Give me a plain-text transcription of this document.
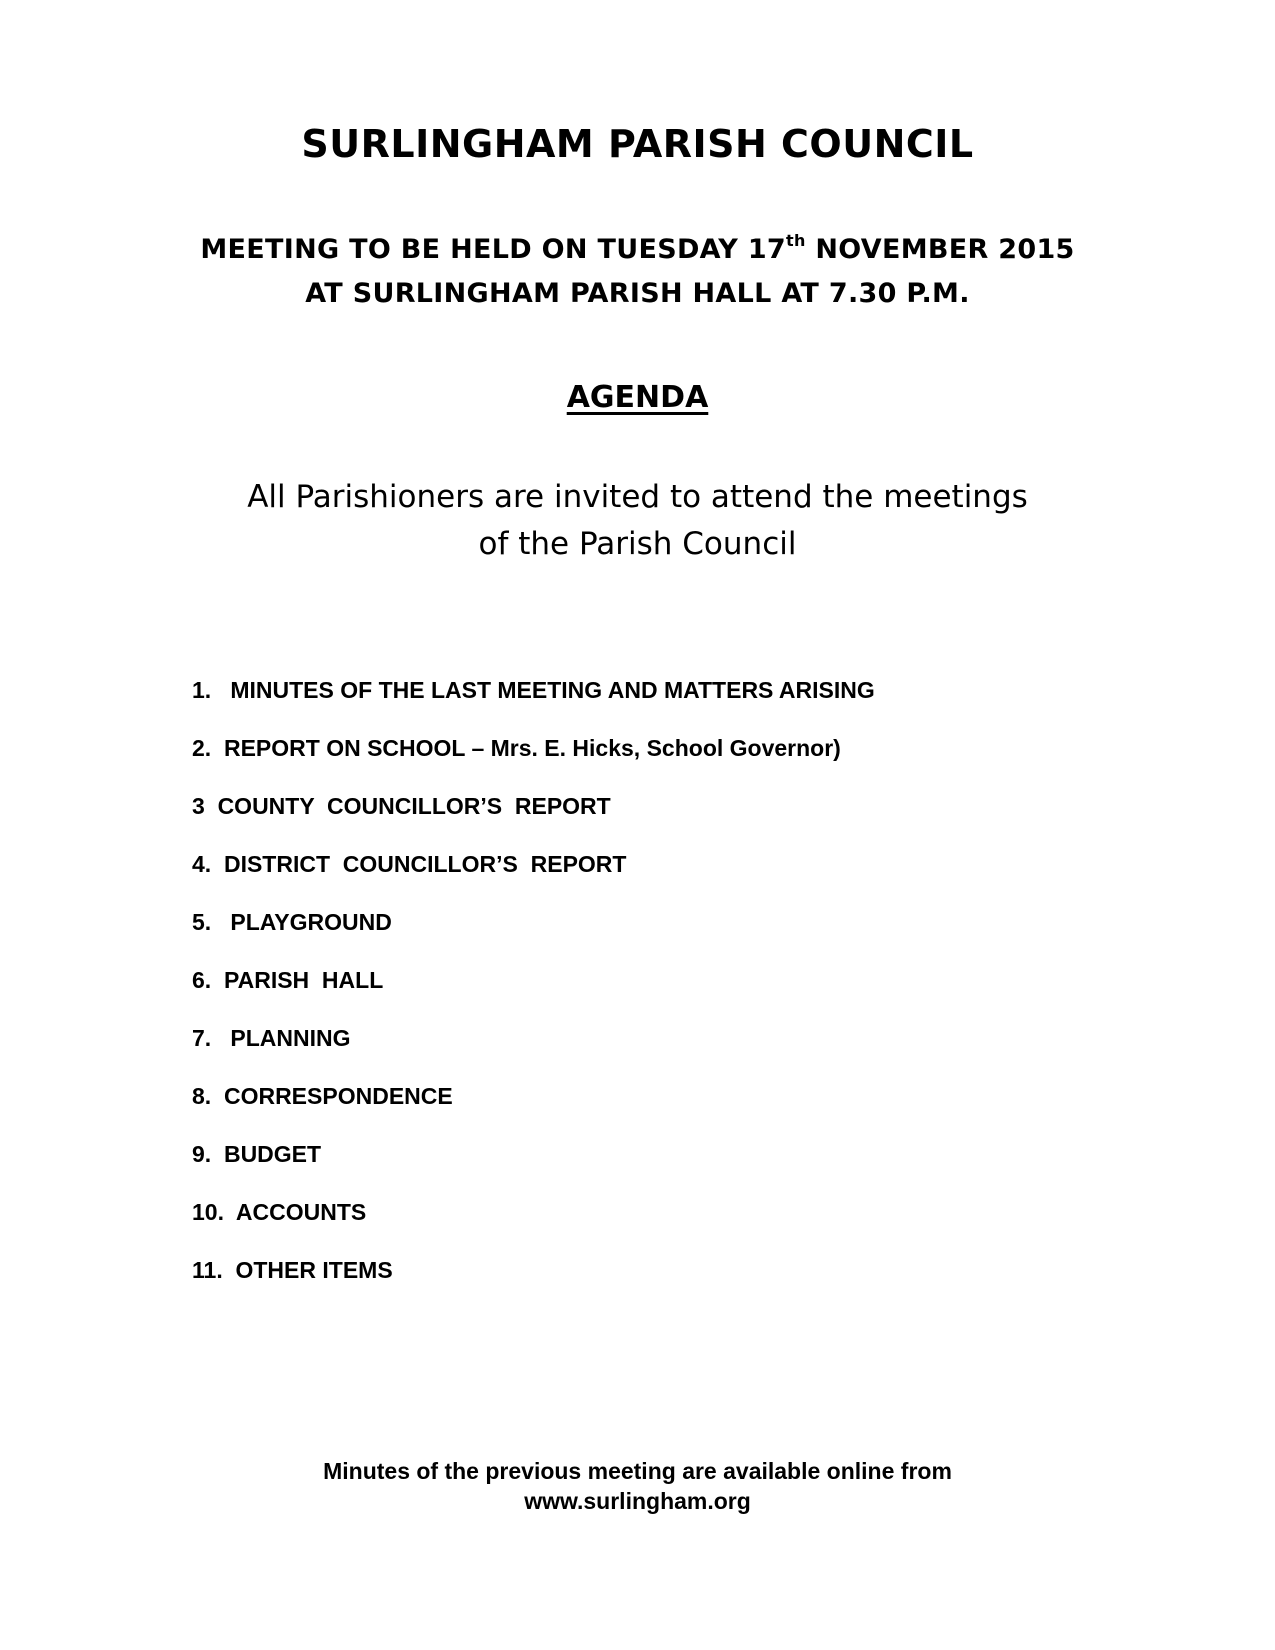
SURLINGHAM PARISH COUNCIL
MEETING TO BE HELD ON TUESDAY 17th NOVEMBER 2015
AT SURLINGHAM PARISH HALL AT 7.30 P.M.
AGENDA
All Parishioners are invited to attend the meetings
of the Parish Council
1.   MINUTES OF THE LAST MEETING AND MATTERS ARISING
2.  REPORT ON SCHOOL – Mrs. E. Hicks, School Governor)
3  COUNTY  COUNCILLOR’S  REPORT
4.  DISTRICT  COUNCILLOR’S  REPORT
5.   PLAYGROUND
6.  PARISH  HALL
7.   PLANNING
8.  CORRESPONDENCE
9.  BUDGET
10.  ACCOUNTS
11.  OTHER ITEMS
Minutes of the previous meeting are available online from
www.surlingham.org
